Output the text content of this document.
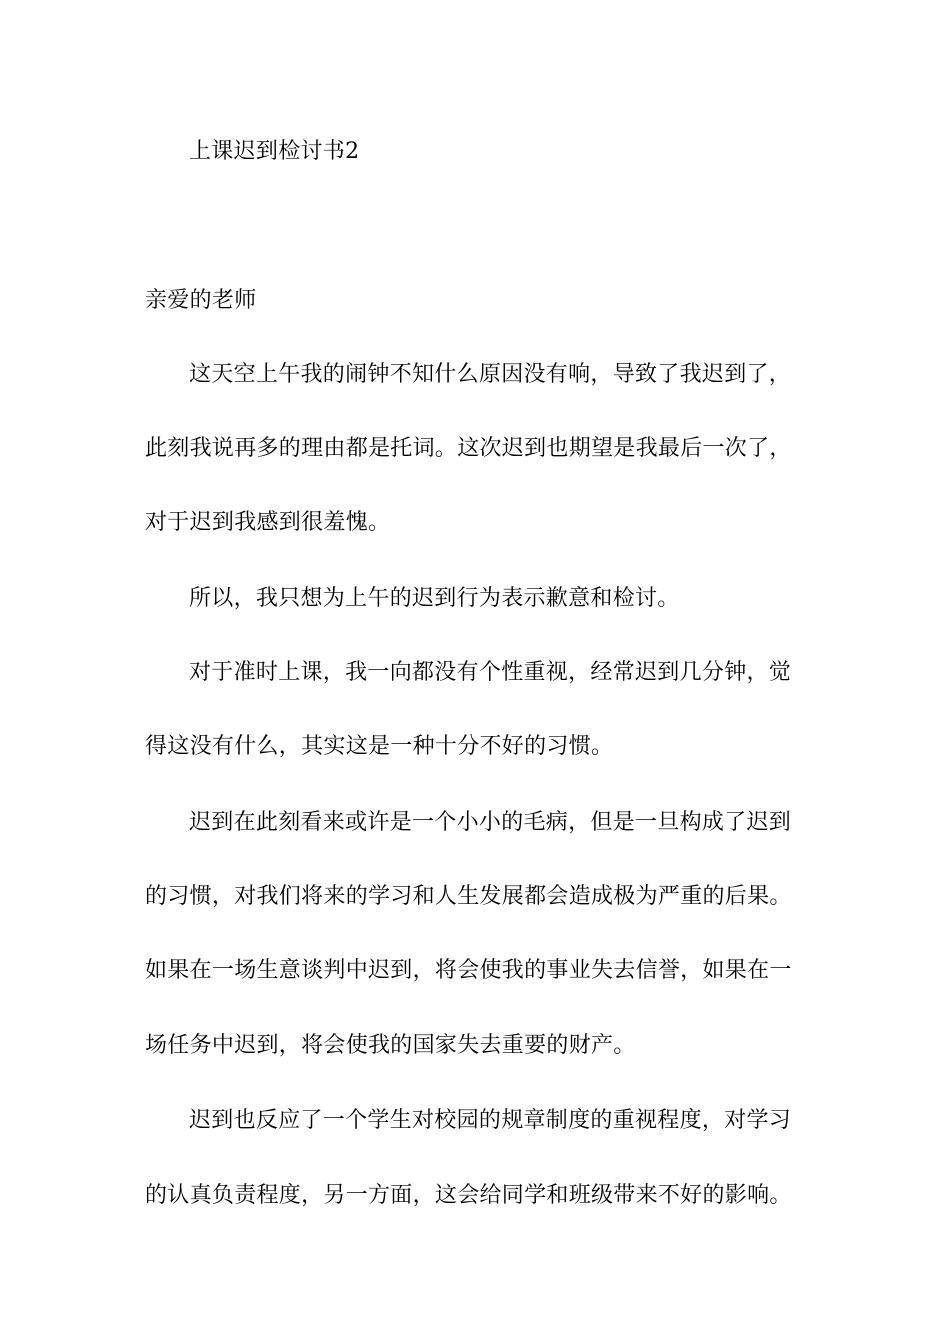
上课迟到检讨书2
亲爱的老师
这天空上午我的闹钟不知什么原因没有响，导致了我迟到了，
此刻我说再多的理由都是托词。这次迟到也期望是我最后一次了，
对于迟到我感到很羞愧。
所以，我只想为上午的迟到行为表示歉意和检讨。
对于准时上课，我一向都没有个性重视，经常迟到几分钟，觉
得这没有什么，其实这是一种十分不好的习惯。
迟到在此刻看来或许是一个小小的毛病，但是一旦构成了迟到
的习惯，对我们将来的学习和人生发展都会造成极为严重的后果。
如果在一场生意谈判中迟到，将会使我的事业失去信誉，如果在一
场任务中迟到，将会使我的国家失去重要的财产。
迟到也反应了一个学生对校园的规章制度的重视程度，对学习
的认真负责程度，另一方面，这会给同学和班级带来不好的影响。
